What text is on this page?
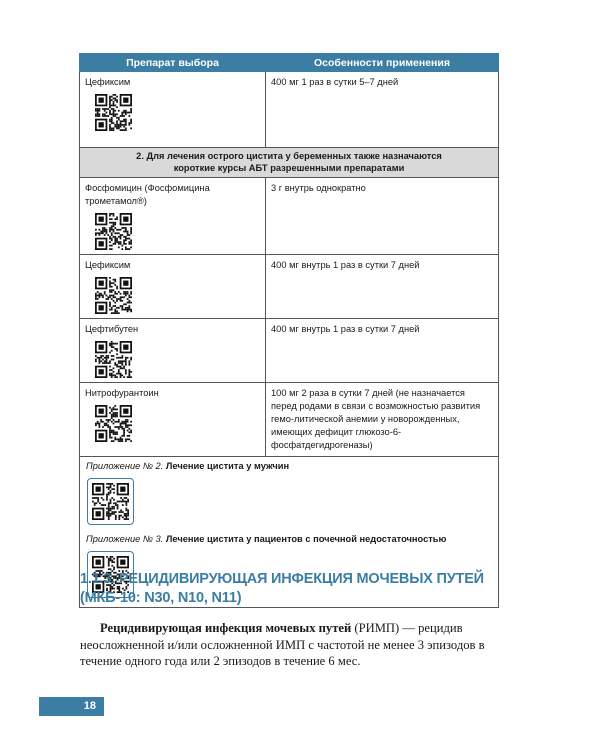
Препарат выбора	Особенности применения
Цефиксим	400 мг 1 раз в сутки 5–7 дней

2. Для лечения острого цистита у беременных также назначаются
короткие курсы АБТ разрешенными препаратами	

Фосфомицин (Фосфомицина трометамол®)	3 г внутрь однократно
Цефиксим	400 мг внутрь 1 раз в сутки 7 дней
Цефтибутен	400 мг внутрь 1 раз в сутки 7 дней
Нитрофурантоин	100 мг 2 раза в сутки 7 дней (не назначается перед родами в связи с возможностью развития гемо-литической анемии у новорожденных, имеющих дефицит глюкозо-6-фосфатдегидрогеназы)

Приложение № 2. Лечение цистита у мужчин
Приложение № 3. Лечение цистита у пациентов с почечной недостаточностью	
1.1.3. РЕЦИДИВИРУЮЩАЯ ИНФЕКЦИЯ МОЧЕВЫХ ПУТЕЙ
(МКБ-10: N30, N10, N11)

Рецидивирующая инфекция мочевых путей (РИМП) — рецидив неосложненной и/или осложненной ИМП с частотой не менее 3 эпизодов в течение одного года или 2 эпизодов в течение 6 мес.

18
